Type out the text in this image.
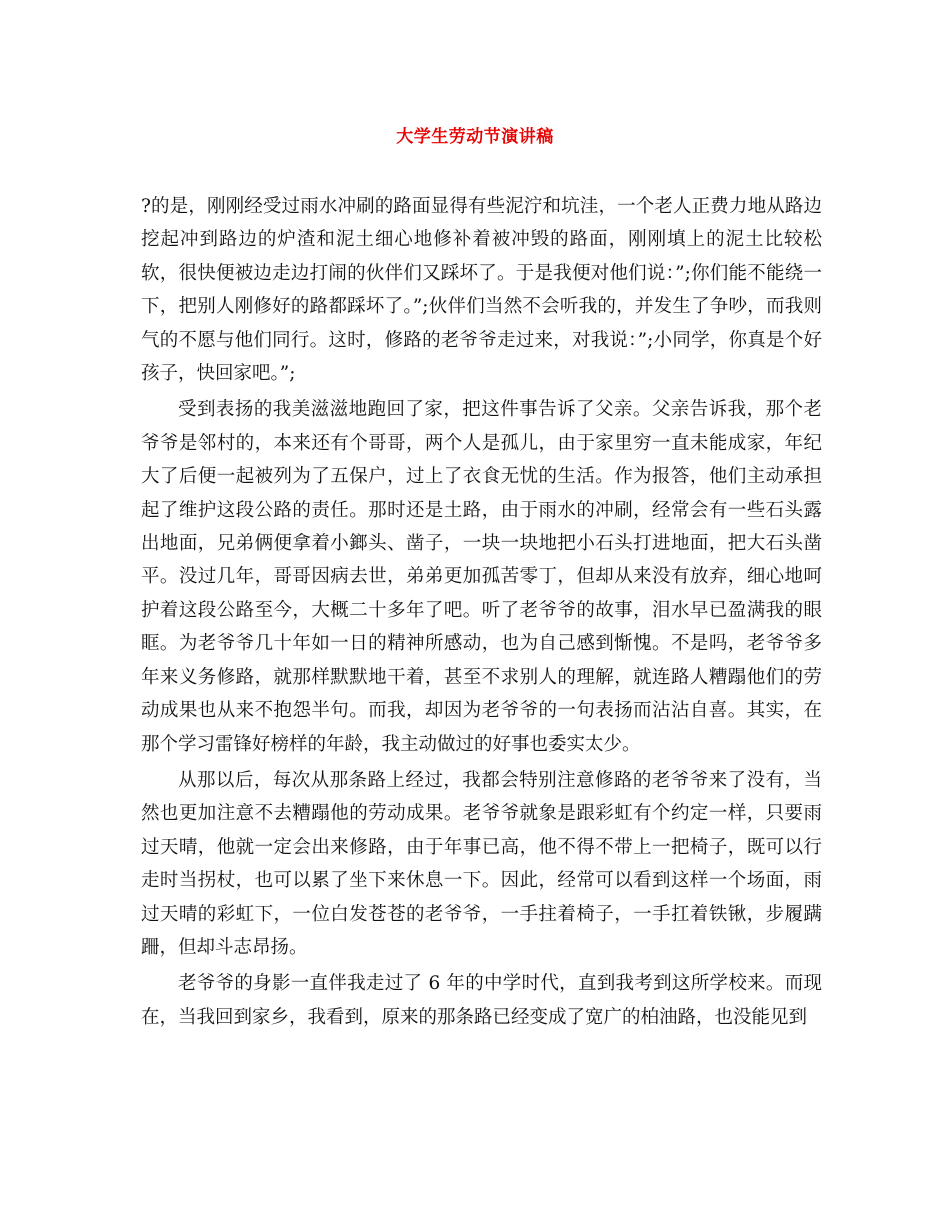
大学生劳动节演讲稿

?的是，刚刚经受过雨水冲刷的路面显得有些泥泞和坑洼，一个老人正费力地从路边挖起冲到路边的炉渣和泥土细心地修补着被冲毁的路面，刚刚填上的泥土比较松软，很快便被边走边打闹的伙伴们又踩坏了。于是我便对他们说：”;你们能不能绕一下，把别人刚修好的路都踩坏了。”;伙伴们当然不会听我的，并发生了争吵，而我则气的不愿与他们同行。这时，修路的老爷爷走过来，对我说：”;小同学，你真是个好孩子，快回家吧。”;

受到表扬的我美滋滋地跑回了家，把这件事告诉了父亲。父亲告诉我，那个老爷爷是邻村的，本来还有个哥哥，两个人是孤儿，由于家里穷一直未能成家，年纪大了后便一起被列为了五保户，过上了衣食无忧的生活。作为报答，他们主动承担起了维护这段公路的责任。那时还是土路，由于雨水的冲刷，经常会有一些石头露出地面，兄弟俩便拿着小鎯头、凿子，一块一块地把小石头打进地面，把大石头凿平。没过几年，哥哥因病去世，弟弟更加孤苦零丁，但却从来没有放弃，细心地呵护着这段公路至今，大概二十多年了吧。听了老爷爷的故事，泪水早已盈满我的眼眶。为老爷爷几十年如一日的精神所感动，也为自己感到惭愧。不是吗，老爷爷多年来义务修路，就那样默默地干着，甚至不求别人的理解，就连路人糟蹋他们的劳动成果也从来不抱怨半句。而我，却因为老爷爷的一句表扬而沾沾自喜。其实，在那个学习雷锋好榜样的年龄，我主动做过的好事也委实太少。

从那以后，每次从那条路上经过，我都会特别注意修路的老爷爷来了没有，当然也更加注意不去糟蹋他的劳动成果。老爷爷就象是跟彩虹有个约定一样，只要雨过天晴，他就一定会出来修路，由于年事已高，他不得不带上一把椅子，既可以行走时当拐杖，也可以累了坐下来休息一下。因此，经常可以看到这样一个场面，雨过天晴的彩虹下，一位白发苍苍的老爷爷，一手拄着椅子，一手扛着铁锹，步履蹒跚，但却斗志昂扬。

老爷爷的身影一直伴我走过了 6 年的中学时代，直到我考到这所学校来。而现在，当我回到家乡，我看到，原来的那条路已经变成了宽广的柏油路，也没能见到
